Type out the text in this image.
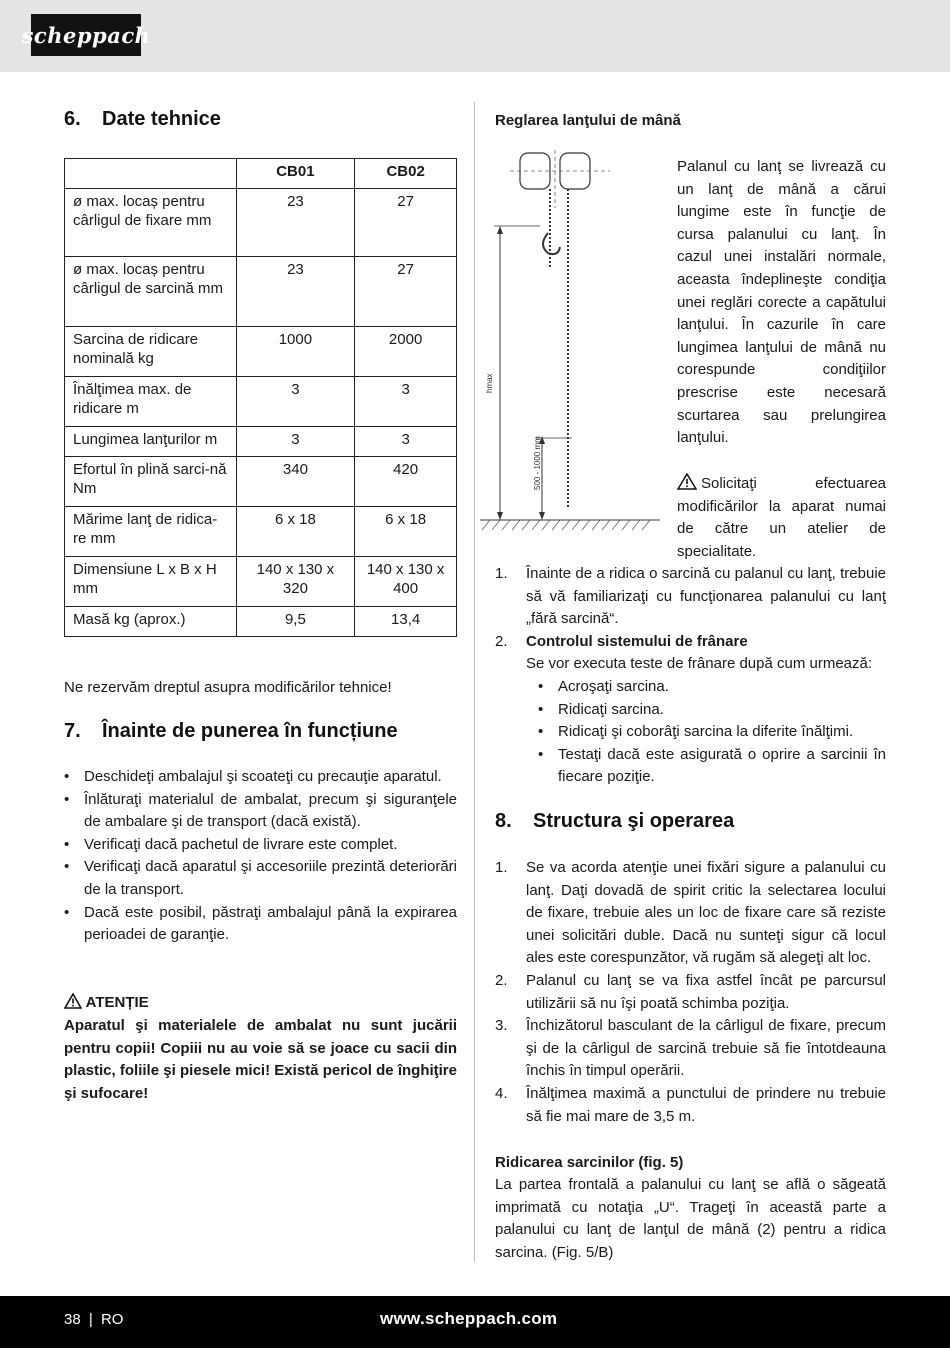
scheppach
6. Date tehnice
	CB01	CB02
ø max. locaș pentru cârligul de fixare mm	23	27
ø max. locaș pentru cârligul de sarcină mm	23	27
Sarcina de ridicare nominală kg	1000	2000
Înălţimea max. de ridicare m	3	3
Lungimea lanţurilor m	3	3
Efortul în plină sarci-nă Nm	340	420
Mărime lanţ de ridica-re mm	6 x 18	6 x 18
Dimensiune L x B x H mm	140 x 130 x 320	140 x 130 x 400
Masă kg (aprox.)	9,5	13,4
Ne rezervăm dreptul asupra modificărilor tehnice!
7. Înainte de punerea în funcțiune
• Deschideţi ambalajul şi scoateţi cu precauţie aparatul.
• Înlăturaţi materialul de ambalat, precum şi siguranţele de ambalare şi de transport (dacă există).
• Verificaţi dacă pachetul de livrare este complet.
• Verificaţi dacă aparatul şi accesoriile prezintă deteriorări de la transport.
• Dacă este posibil, păstraţi ambalajul până la expirarea perioadei de garanţie.
ATENȚIE
Aparatul şi materialele de ambalat nu sunt jucării pentru copii! Copiii nu au voie să se joace cu sacii din plastic, foliile şi piesele mici! Există pericol de înghiţire şi sufocare!
Reglarea lanţului de mână
hmax
500 - 1000 mm
Palanul cu lanţ se livrează cu un lanţ de mână a cărui lungime este în funcţie de cursa palanului cu lanţ. În cazul unei instalări normale, aceasta îndeplineşte condiţia unei reglări corecte a capătului lanţului. În cazurile în care lungimea lanţului de mână nu corespunde condiţiilor prescrise este necesară scurtarea sau prelungirea lanţului.
Solicitaţi efectuarea modificărilor la aparat numai de către un atelier de specialitate.
1. Înainte de a ridica o sarcină cu palanul cu lanţ, trebuie să vă familiarizaţi cu funcţionarea palanului cu lanţ „fără sarcină“.
2. Controlul sistemului de frânare
Se vor executa teste de frânare după cum urmează:
• Acroşaţi sarcina.
• Ridicaţi sarcina.
• Ridicaţi şi coborâţi sarcina la diferite înălţimi.
• Testaţi dacă este asigurată o oprire a sarcinii în fiecare poziţie.
8. Structura şi operarea
1. Se va acorda atenţie unei fixări sigure a palanului cu lanţ. Daţi dovadă de spirit critic la selectarea locului de fixare, trebuie ales un loc de fixare care să reziste unei solicitări duble. Dacă nu sunteţi sigur că locul ales este corespunzător, vă rugăm să alegeţi alt loc.
2. Palanul cu lanţ se va fixa astfel încât pe parcursul utilizării să nu îşi poată schimba poziţia.
3. Închizătorul basculant de la cârligul de fixare, precum şi de la cârligul de sarcină trebuie să fie întotdeauna închis în timpul operării.
4. Înălţimea maximă a punctului de prindere nu trebuie să fie mai mare de 3,5 m.
Ridicarea sarcinilor (fig. 5)
La partea frontală a palanului cu lanţ se află o săgeată imprimată cu notaţia „U“. Trageţi în această parte a palanului cu lanţ de lanţul de mână (2) pentru a ridica sarcina. (Fig. 5/B)
38 | RO	www.scheppach.com
